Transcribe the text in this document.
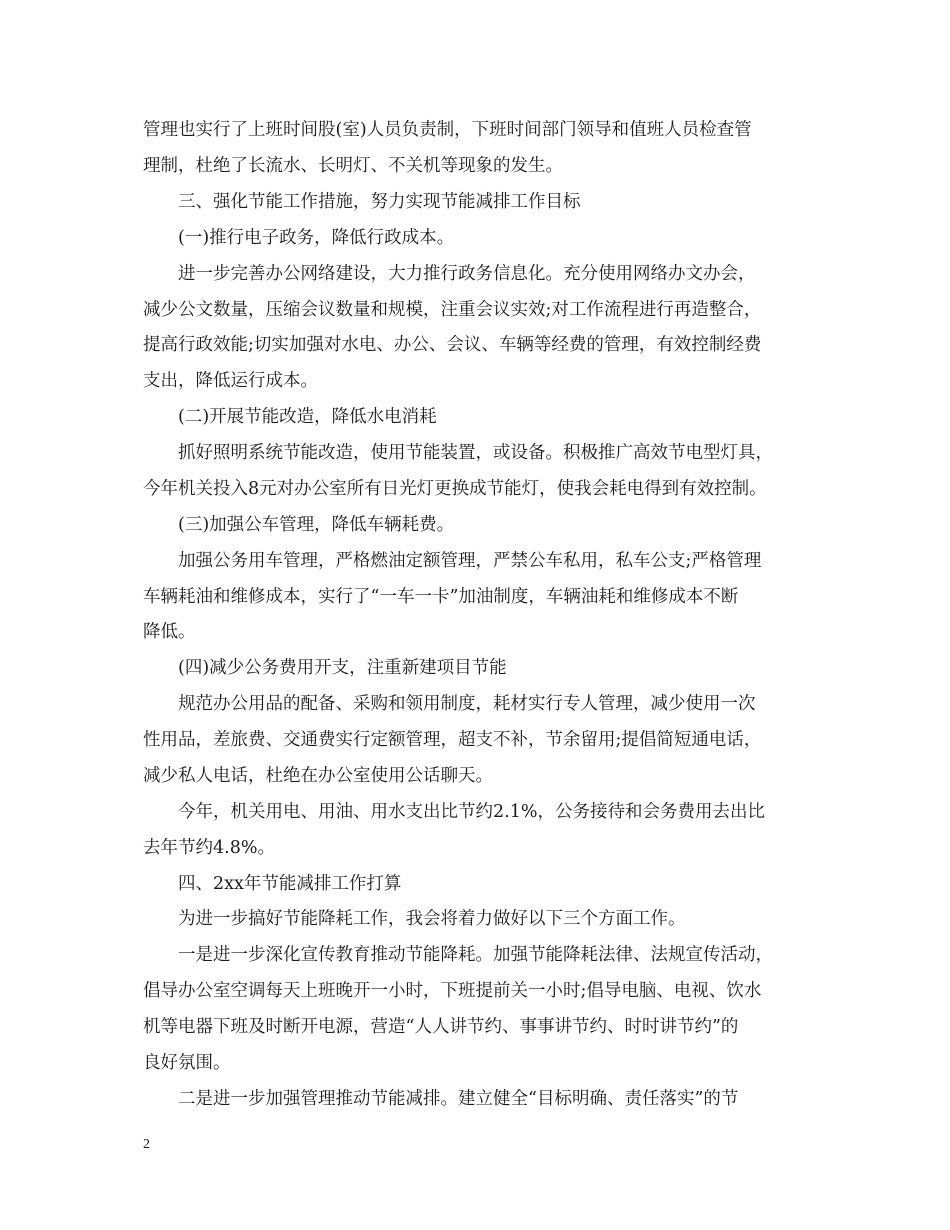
管理也实行了上班时间股(室)人员负责制，下班时间部门领导和值班人员检查管
理制，杜绝了长流水、长明灯、不关机等现象的发生。
三、强化节能工作措施，努力实现节能减排工作目标
(一)推行电子政务，降低行政成本。
进一步完善办公网络建设，大力推行政务信息化。充分使用网络办文办会，
减少公文数量，压缩会议数量和规模，注重会议实效;对工作流程进行再造整合，
提高行政效能;切实加强对水电、办公、会议、车辆等经费的管理，有效控制经费
支出，降低运行成本。
(二)开展节能改造，降低水电消耗
抓好照明系统节能改造，使用节能装置，或设备。积极推广高效节电型灯具，
今年机关投入8元对办公室所有日光灯更换成节能灯，使我会耗电得到有效控制。
(三)加强公车管理，降低车辆耗费。
加强公务用车管理，严格燃油定额管理，严禁公车私用，私车公支;严格管理
车辆耗油和维修成本，实行了“一车一卡”加油制度，车辆油耗和维修成本不断
降低。
(四)减少公务费用开支，注重新建项目节能
规范办公用品的配备、采购和领用制度，耗材实行专人管理，减少使用一次
性用品，差旅费、交通费实行定额管理，超支不补，节余留用;提倡简短通电话，
减少私人电话，杜绝在办公室使用公话聊天。
今年，机关用电、用油、用水支出比节约2.1%，公务接待和会务费用去出比
去年节约4.8%。
四、2xx年节能减排工作打算
为进一步搞好节能降耗工作，我会将着力做好以下三个方面工作。
一是进一步深化宣传教育推动节能降耗。加强节能降耗法律、法规宣传活动，
倡导办公室空调每天上班晚开一小时，下班提前关一小时;倡导电脑、电视、饮水
机等电器下班及时断开电源，营造“人人讲节约、事事讲节约、时时讲节约”的
良好氛围。
二是进一步加强管理推动节能减排。建立健全“目标明确、责任落实”的节
2
